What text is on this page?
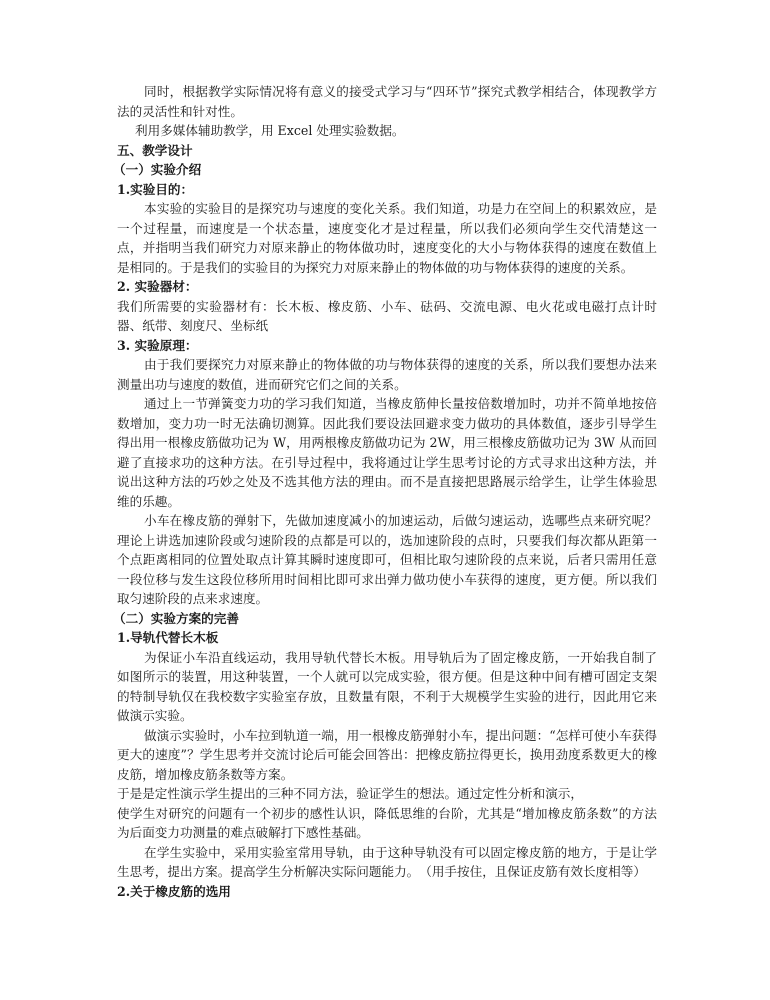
同时，根据教学实际情况将有意义的接受式学习与“四环节”探究式教学相结合，体现教学方法的灵活性和针对性。

利用多媒体辅助教学，用 Excel 处理实验数据。

五、教学设计

（一）实验介绍

1.实验目的：

本实验的实验目的是探究功与速度的变化关系。我们知道，功是力在空间上的积累效应，是一个过程量，而速度是一个状态量，速度变化才是过程量，所以我们必须向学生交代清楚这一点，并指明当我们研究力对原来静止的物体做功时，速度变化的大小与物体获得的速度在数值上是相同的。于是我们的实验目的为探究力对原来静止的物体做的功与物体获得的速度的关系。

2. 实验器材：

我们所需要的实验器材有：长木板、橡皮筋、小车、砝码、交流电源、电火花或电磁打点计时器、纸带、刻度尺、坐标纸

3. 实验原理：

由于我们要探究力对原来静止的物体做的功与物体获得的速度的关系，所以我们要想办法来测量出功与速度的数值，进而研究它们之间的关系。

通过上一节弹簧变力功的学习我们知道，当橡皮筋伸长量按倍数增加时，功并不简单地按倍数增加，变力功一时无法确切测算。因此我们要设法回避求变力做功的具体数值，逐步引导学生得出用一根橡皮筋做功记为 W，用两根橡皮筋做功记为 2W，用三根橡皮筋做功记为 3W 从而回避了直接求功的这种方法。在引导过程中，我将通过让学生思考讨论的方式寻求出这种方法，并说出这种方法的巧妙之处及不选其他方法的理由。而不是直接把思路展示给学生，让学生体验思维的乐趣。

小车在橡皮筋的弹射下，先做加速度减小的加速运动，后做匀速运动，选哪些点来研究呢？理论上讲选加速阶段或匀速阶段的点都是可以的，选加速阶段的点时，只要我们每次都从距第一个点距离相同的位置处取点计算其瞬时速度即可，但相比取匀速阶段的点来说，后者只需用任意一段位移与发生这段位移所用时间相比即可求出弹力做功使小车获得的速度，更方便。所以我们取匀速阶段的点来求速度。

（二）实验方案的完善

1.导轨代替长木板

为保证小车沿直线运动，我用导轨代替长木板。用导轨后为了固定橡皮筋，一开始我自制了如图所示的装置，用这种装置，一个人就可以完成实验，很方便。但是这种中间有槽可固定支架的特制导轨仅在我校数字实验室存放，且数量有限，不利于大规模学生实验的进行，因此用它来做演示实验。

做演示实验时，小车拉到轨道一端，用一根橡皮筋弹射小车，提出问题：“怎样可使小车获得更大的速度”？学生思考并交流讨论后可能会回答出：把橡皮筋拉得更长，换用劲度系数更大的橡皮筋，增加橡皮筋条数等方案。

于是是定性演示学生提出的三种不同方法，验证学生的想法。通过定性分析和演示，

使学生对研究的问题有一个初步的感性认识，降低思维的台阶，尤其是“增加橡皮筋条数”的方法为后面变力功测量的难点破解打下感性基础。

在学生实验中，采用实验室常用导轨，由于这种导轨没有可以固定橡皮筋的地方，于是让学生思考，提出方案。提高学生分析解决实际问题能力。　（用手按住，且保证皮筋有效长度相等）

2.关于橡皮筋的选用
